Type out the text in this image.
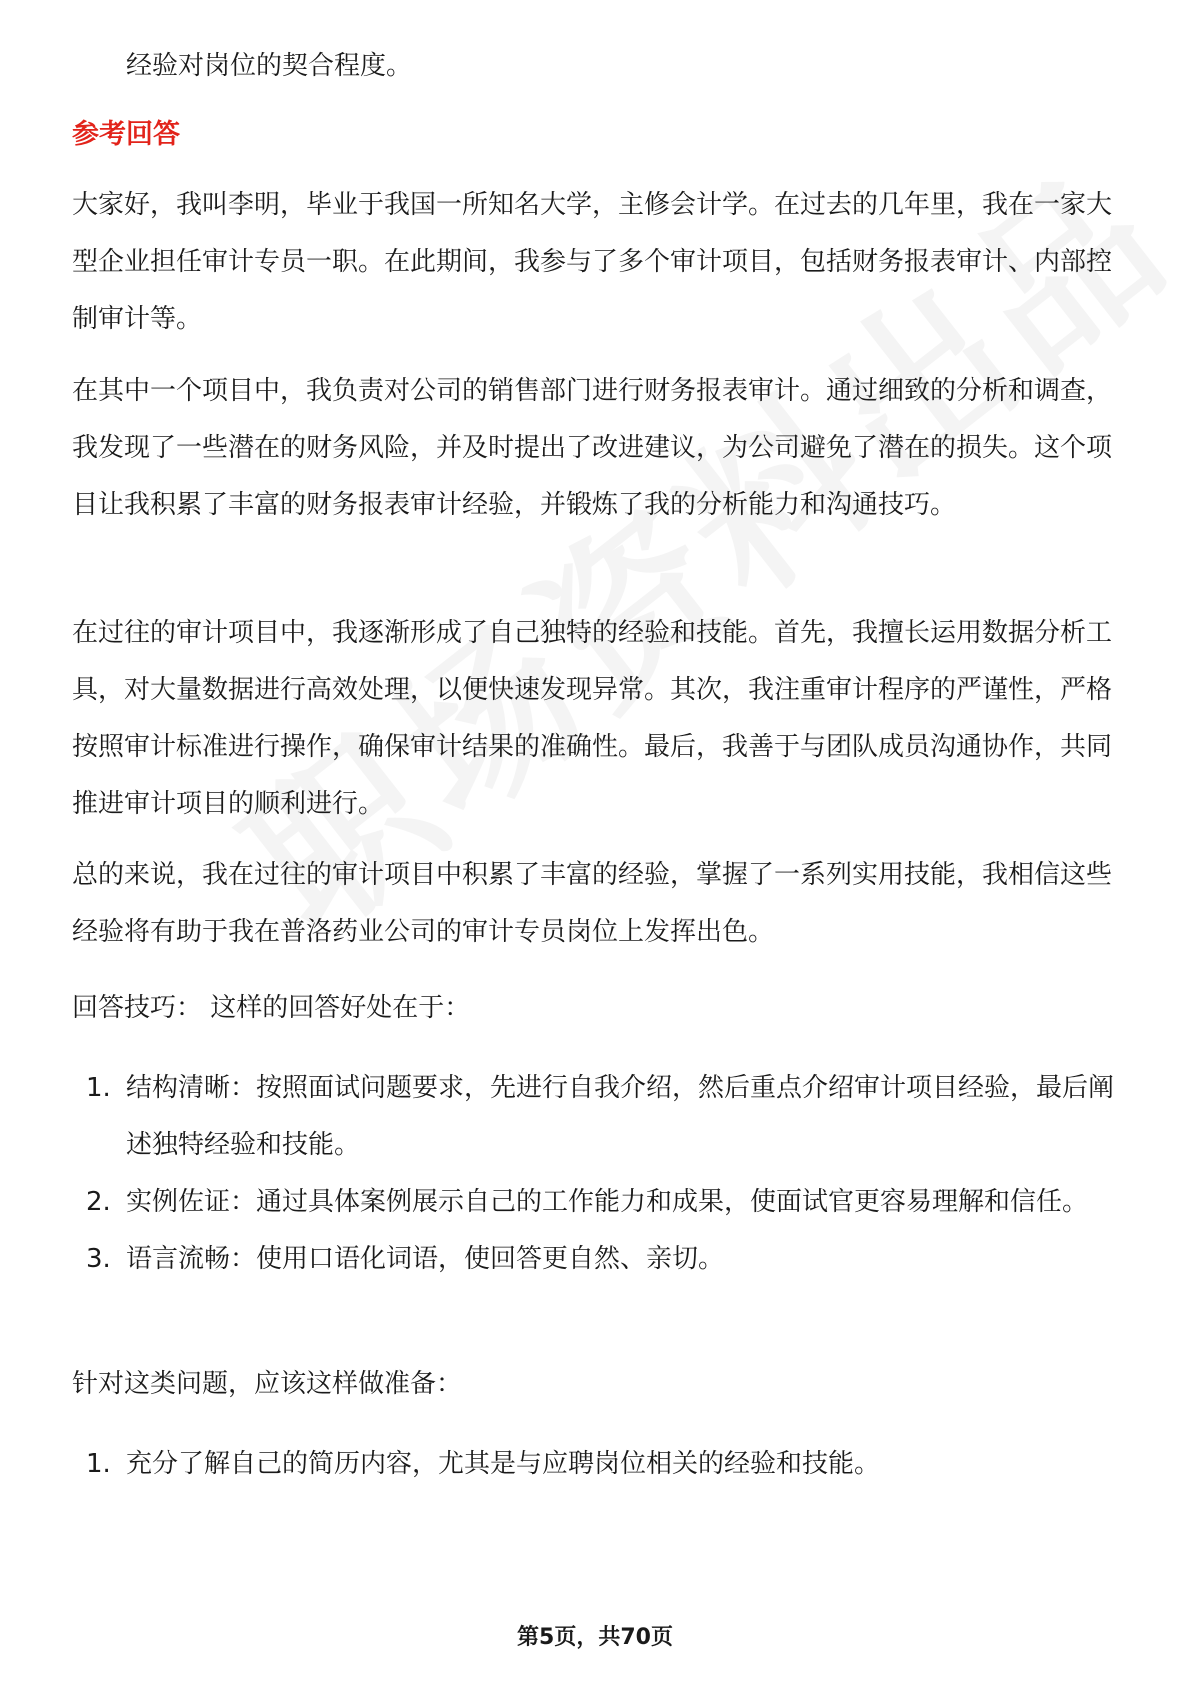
经验对岗位的契合程度。

参考回答

大家好，我叫李明，毕业于我国一所知名大学，主修会计学。在过去的几年里，我在一家大型企业担任审计专员一职。在此期间，我参与了多个审计项目，包括财务报表审计、内部控制审计等。

在其中一个项目中，我负责对公司的销售部门进行财务报表审计。通过细致的分析和调查，我发现了一些潜在的财务风险，并及时提出了改进建议，为公司避免了潜在的损失。这个项目让我积累了丰富的财务报表审计经验，并锻炼了我的分析能力和沟通技巧。

在过往的审计项目中，我逐渐形成了自己独特的经验和技能。首先，我擅长运用数据分析工具，对大量数据进行高效处理，以便快速发现异常。其次，我注重审计程序的严谨性，严格按照审计标准进行操作，确保审计结果的准确性。最后，我善于与团队成员沟通协作，共同推进审计项目的顺利进行。

总的来说，我在过往的审计项目中积累了丰富的经验，掌握了一系列实用技能，我相信这些经验将有助于我在普洛药业公司的审计专员岗位上发挥出色。

回答技巧： 这样的回答好处在于：

1. 结构清晰：按照面试问题要求，先进行自我介绍，然后重点介绍审计项目经验，最后阐述独特经验和技能。
2. 实例佐证：通过具体案例展示自己的工作能力和成果，使面试官更容易理解和信任。
3. 语言流畅：使用口语化词语，使回答更自然、亲切。

针对这类问题，应该这样做准备：

1. 充分了解自己的简历内容，尤其是与应聘岗位相关的经验和技能。
第5页，共70页
